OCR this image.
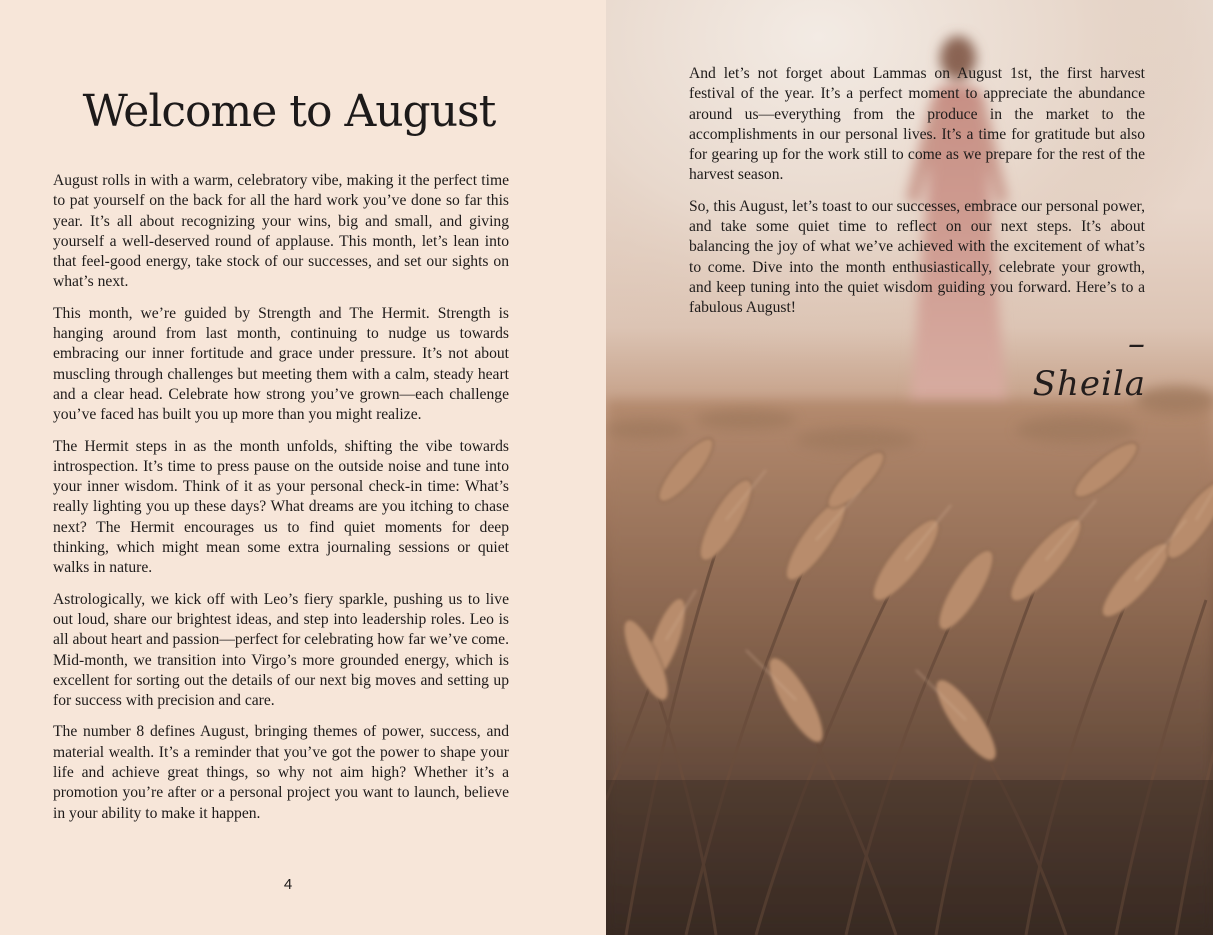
Welcome to August

August rolls in with a warm, celebratory vibe, making it the perfect time to pat yourself on the back for all the hard work you’ve done so far this year. It’s all about recognizing your wins, big and small, and giving yourself a well-deserved round of applause. This month, let’s lean into that feel-good energy, take stock of our successes, and set our sights on what’s next.

This month, we’re guided by Strength and The Hermit. Strength is hanging around from last month, continuing to nudge us towards embracing our inner fortitude and grace under pressure. It’s not about muscling through challenges but meeting them with a calm, steady heart and a clear head. Celebrate how strong you’ve grown—each challenge you’ve faced has built you up more than you might realize.

The Hermit steps in as the month unfolds, shifting the vibe towards introspection. It’s time to press pause on the outside noise and tune into your inner wisdom. Think of it as your personal check-in time: What’s really lighting you up these days? What dreams are you itching to chase next? The Hermit encourages us to find quiet moments for deep thinking, which might mean some extra journaling sessions or quiet walks in nature.

Astrologically, we kick off with Leo’s fiery sparkle, pushing us to live out loud, share our brightest ideas, and step into leadership roles. Leo is all about heart and passion—perfect for celebrating how far we’ve come. Mid-month, we transition into Virgo’s more grounded energy, which is excellent for sorting out the details of our next big moves and setting up for success with precision and care.

The number 8 defines August, bringing themes of power, success, and material wealth. It’s a reminder that you’ve got the power to shape your life and achieve great things, so why not aim high? Whether it’s a promotion you’re after or a personal project you want to launch, believe in your ability to make it happen.

4

And let’s not forget about Lammas on August 1st, the first harvest festival of the year. It’s a perfect moment to appreciate the abundance around us—everything from the produce in the market to the accomplishments in our personal lives. It’s a time for gratitude but also for gearing up for the work still to come as we prepare for the rest of the harvest season.

So, this August, let’s toast to our successes, embrace our personal power, and take some quiet time to reflect on our next steps. It’s about balancing the joy of what we’ve achieved with the excitement of what’s to come. Dive into the month enthusiastically, celebrate your growth, and keep tuning into the quiet wisdom guiding you forward. Here’s to a fabulous August!

–Sheila
